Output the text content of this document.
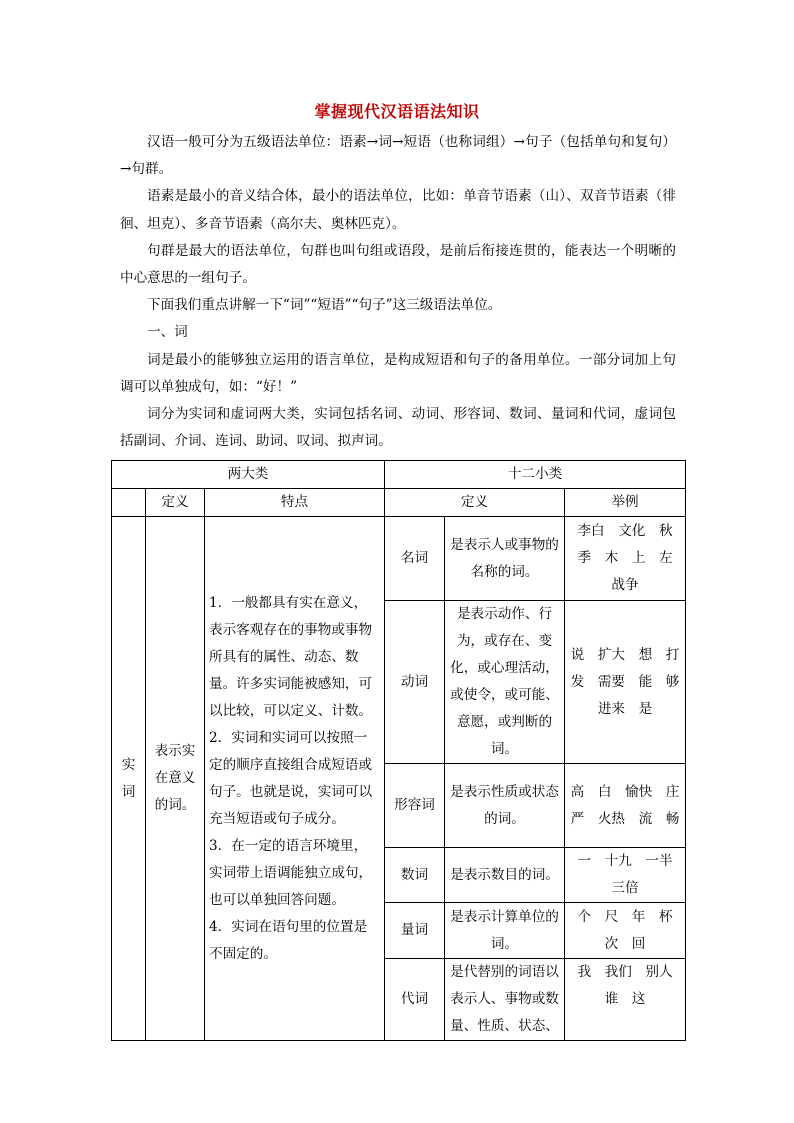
掌握现代汉语语法知识

汉语一般可分为五级语法单位：语素→词→短语（也称词组）→句子（包括单句和复句）→句群。

语素是最小的音义结合体，最小的语法单位，比如：单音节语素（山）、双音节语素（徘徊、坦克）、多音节语素（高尔夫、奥林匹克）。

句群是最大的语法单位，句群也叫句组或语段，是前后衔接连贯的，能表达一个明晰的中心意思的一组句子。

下面我们重点讲解一下“词”“短语”“句子”这三级语法单位。

一、词

词是最小的能够独立运用的语言单位，是构成短语和句子的备用单位。一部分词加上句调可以单独成句，如：“好！”

词分为实词和虚词两大类，实词包括名词、动词、形容词、数词、量词和代词，虚词包括副词、介词、连词、助词、叹词、拟声词。

两大类			十二小类		
	定义	特点	定义		举例
实词	表示实在意义的词。	1．一般都具有实在意义，表示客观存在的事物或事物所具有的属性、动态、数量。许多实词能被感知，可以比较，可以定义、计数。
2．实词和实词可以按照一定的顺序直接组合成短语或句子。也就是说，实词可以充当短语或句子成分。
3．在一定的语言环境里，实词带上语调能独立成句，也可以单独回答问题。
4．实词在语句里的位置是不固定的。	名词	是表示人或事物的名称的词。	李白　文化　秋　季　木　上　左　战争
			动词	是表示动作、行为，或存在、变化，或心理活动，或使令，或可能、意愿，或判断的词。	说　扩大　想　打发　需要　能　够　进来　是
			形容词	是表示性质或状态的词。	高　白　愉快　庄严　火热　流　畅
			数词	是表示数目的词。	一　十九　一半　三倍
			量词	是表示计算单位的词。	个　尺　年　杯　次　回
			代词	是代替别的词语以表示人、事物或数量、性质、状态、	我　我们　别人　谁　这
